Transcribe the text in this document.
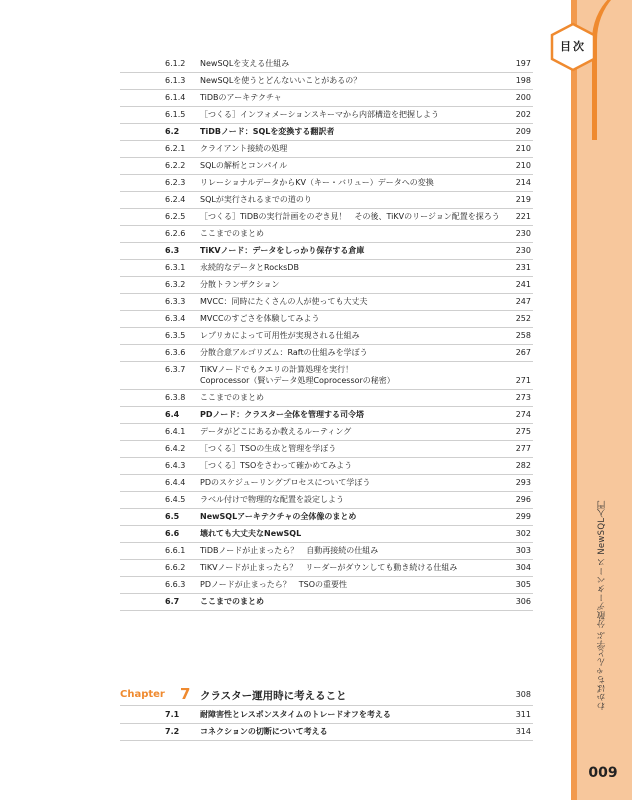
目次
わかばちゃんと学ぶ 分散データベース NewSQL入門
009
6.1.2	NewSQLを支える仕組み	197
6.1.3	NewSQLを使うとどんないいことがあるの？	198
6.1.4	TiDBのアーキテクチャ	200
6.1.5	［つくる］インフォメーションスキーマから内部構造を把握しよう	202
6.2	TiDBノード：SQLを変換する翻訳者	209
6.2.1	クライアント接続の処理	210
6.2.2	SQLの解析とコンパイル	210
6.2.3	リレーショナルデータからKV（キー・バリュー）データへの変換	214
6.2.4	SQLが実行されるまでの道のり	219
6.2.5	［つくる］TiDBの実行計画をのぞき見！　その後、TiKVのリージョン配置を探ろう	221
6.2.6	ここまでのまとめ	230
6.3	TiKVノード：データをしっかり保存する倉庫	230
6.3.1	永続的なデータとRocksDB	231
6.3.2	分散トランザクション	241
6.3.3	MVCC：同時にたくさんの人が使っても大丈夫	247
6.3.4	MVCCのすごさを体験してみよう	252
6.3.5	レプリカによって可用性が実現される仕組み	258
6.3.6	分散合意アルゴリズム：Raftの仕組みを学ぼう	267
6.3.7	TiKVノードでもクエリの計算処理を実行！
Coprocessor（賢いデータ処理Coprocessorの秘密）	271
6.3.8	ここまでのまとめ	273
6.4	PDノード：クラスター全体を管理する司令塔	274
6.4.1	データがどこにあるか教えるルーティング	275
6.4.2	［つくる］TSOの生成と管理を学ぼう	277
6.4.3	［つくる］TSOをさわって確かめてみよう	282
6.4.4	PDのスケジューリングプロセスについて学ぼう	293
6.4.5	ラベル付けで物理的な配置を設定しよう	296
6.5	NewSQLアーキテクチャの全体像のまとめ	299
6.6	壊れても大丈夫なNewSQL	302
6.6.1	TiDBノードが止まったら？　自動再接続の仕組み	303
6.6.2	TiKVノードが止まったら？　リーダーがダウンしても動き続ける仕組み	304
6.6.3	PDノードが止まったら？　TSOの重要性	305
6.7	ここまでのまとめ	306
Chapter 7 クラスター運用時に考えること	308
7.1	耐障害性とレスポンスタイムのトレードオフを考える	311
7.2	コネクションの切断について考える	314
